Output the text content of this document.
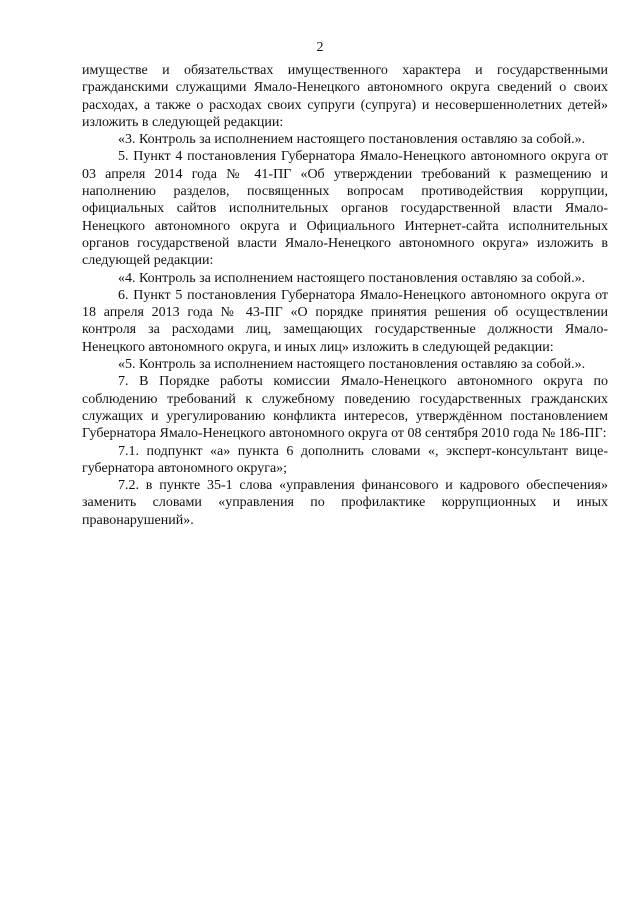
2

имуществе и обязательствах имущественного характера и государственными гражданскими служащими Ямало-Ненецкого автономного округа сведений о своих расходах, а также о расходах своих супруги (супруга) и несовершеннолетних детей» изложить в следующей редакции:

«3. Контроль за исполнением настоящего постановления оставляю за собой.».

5. Пункт 4 постановления Губернатора Ямало-Ненецкого автономного округа от 03 апреля 2014 года № 41-ПГ «Об утверждении требований к размещению и наполнению разделов, посвященных вопросам противодействия коррупции, официальных сайтов исполнительных органов государственной власти Ямало-Ненецкого автономного округа и Официального Интернет-сайта исполнительных органов государственой власти Ямало-Ненецкого автономного округа» изложить в следующей редакции:

«4. Контроль за исполнением настоящего постановления оставляю за собой.».

6. Пункт 5 постановления Губернатора Ямало-Ненецкого автономного округа от 18 апреля 2013 года № 43-ПГ «О порядке принятия решения об осуществлении контроля за расходами лиц, замещающих государственные должности Ямало-Ненецкого автономного округа, и иных лиц» изложить в следующей редакции:

«5. Контроль за исполнением настоящего постановления оставляю за собой.».

7. В Порядке работы комиссии Ямало-Ненецкого автономного округа по соблюдению требований к служебному поведению государственных гражданских служащих и урегулированию конфликта интересов, утверждённом постановлением Губернатора Ямало-Ненецкого автономного округа от 08 сентября 2010 года № 186-ПГ:

7.1. подпункт «а» пункта 6 дополнить словами «, эксперт-консультант вице-губернатора автономного округа»;

7.2. в пункте 35-1 слова «управления финансового и кадрового обеспечения» заменить словами «управления по профилактике коррупционных и иных правонарушений».
